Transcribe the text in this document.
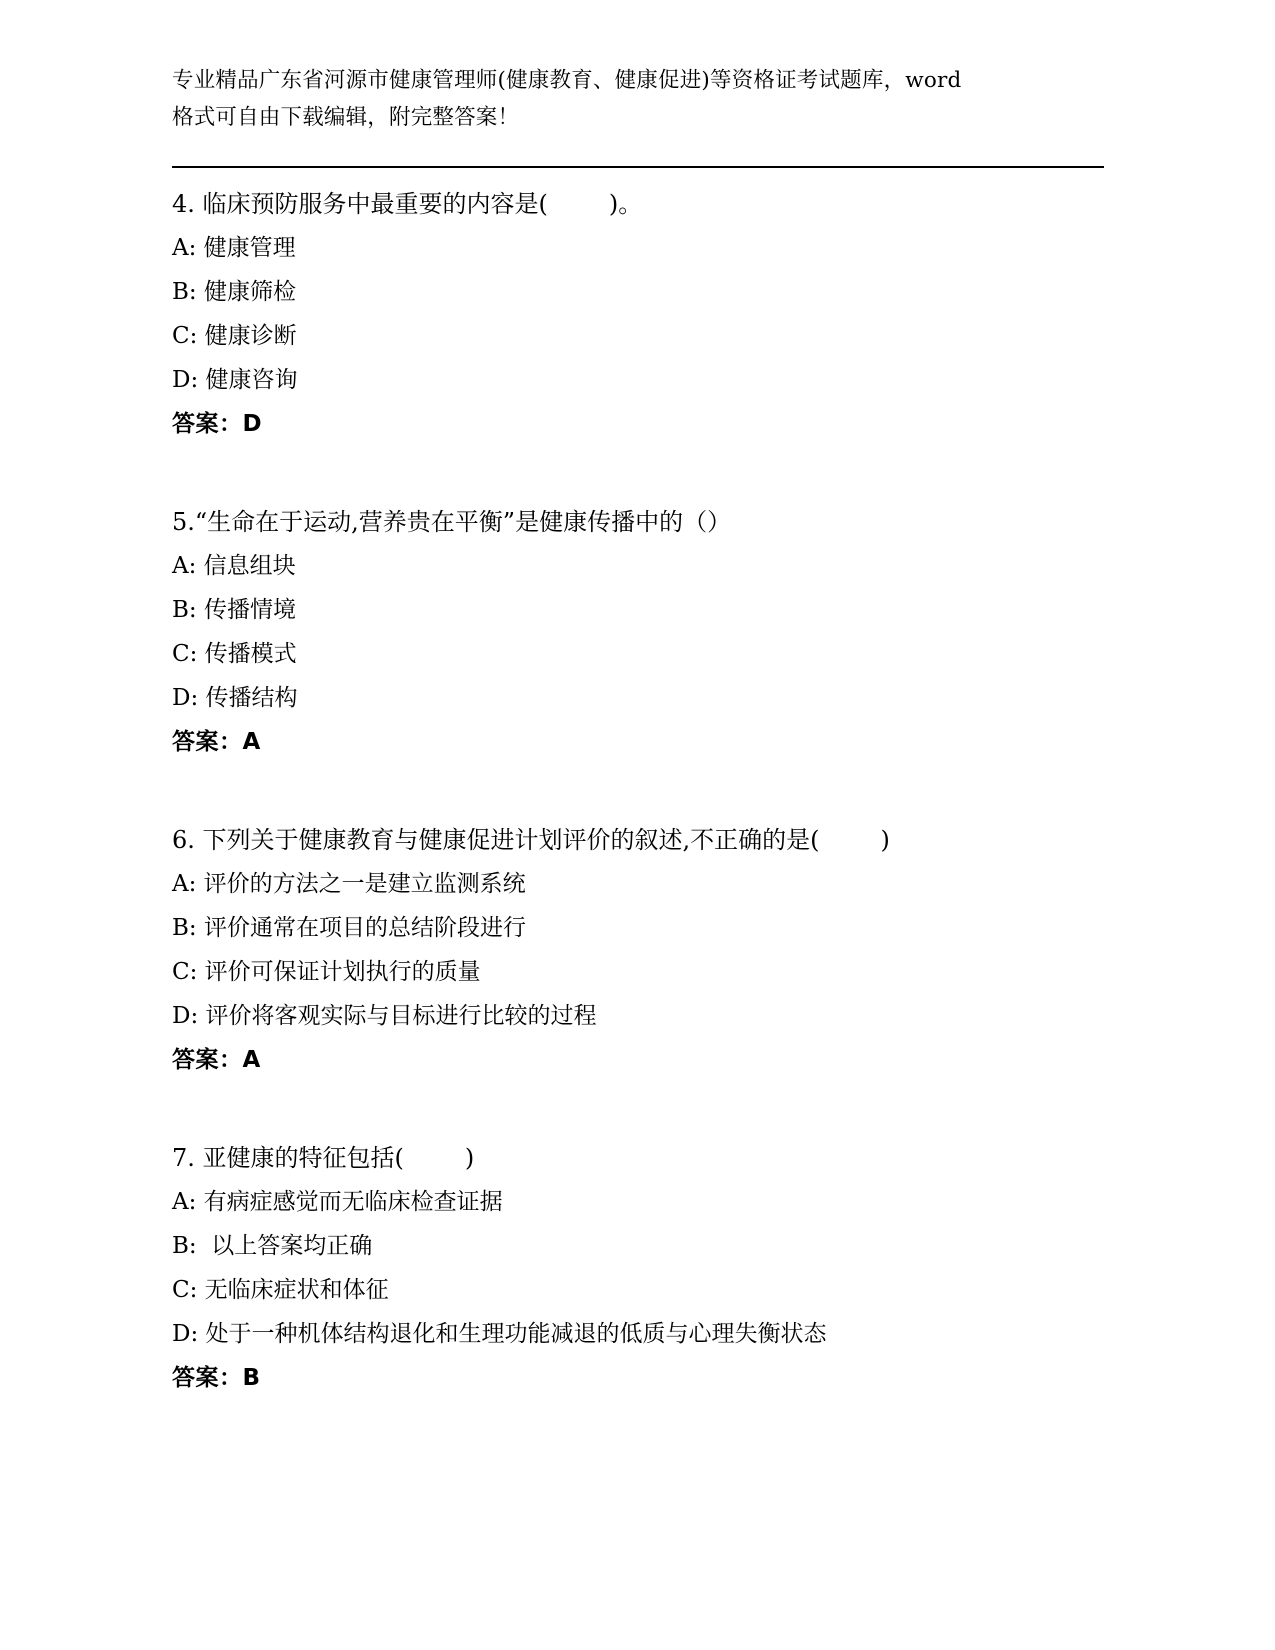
专业精品广东省河源市健康管理师(健康教育、健康促进)等资格证考试题库，word
格式可自由下载编辑，附完整答案！
4. 临床预防服务中最重要的内容是(        )。
A: 健康管理
B: 健康筛检
C: 健康诊断
D: 健康咨询
答案：D
5.“生命在于运动,营养贵在平衡”是健康传播中的（）
A: 信息组块
B: 传播情境
C: 传播模式
D: 传播结构
答案：A
6. 下列关于健康教育与健康促进计划评价的叙述,不正确的是(        )
A: 评价的方法之一是建立监测系统
B: 评价通常在项目的总结阶段进行
C: 评价可保证计划执行的质量
D: 评价将客观实际与目标进行比较的过程
答案：A
7. 亚健康的特征包括(        )
A: 有病症感觉而无临床检查证据
B:  以上答案均正确
C: 无临床症状和体征
D: 处于一种机体结构退化和生理功能减退的低质与心理失衡状态
答案：B
